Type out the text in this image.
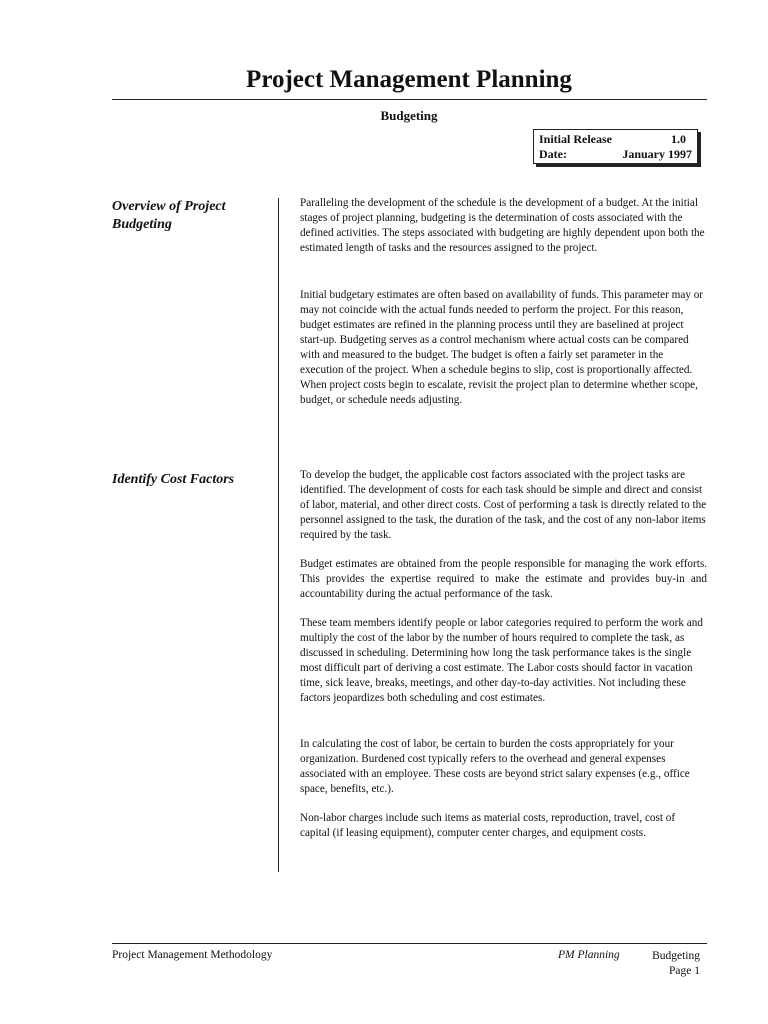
Project Management Planning
Budgeting
Initial Release	1.0
Date:	January 1997
Overview of Project Budgeting

Paralleling the development of the schedule is the development of a budget. At the initial stages of project planning, budgeting is the determination of costs associated with the defined activities. The steps associated with budgeting are highly dependent upon both the estimated length of tasks and the resources assigned to the project.

Initial budgetary estimates are often based on availability of funds. This parameter may or may not coincide with the actual funds needed to perform the project. For this reason, budget estimates are refined in the planning process until they are baselined at project start-up. Budgeting serves as a control mechanism where actual costs can be compared with and measured to the budget. The budget is often a fairly set parameter in the execution of the project. When a schedule begins to slip, cost is proportionally affected. When project costs begin to escalate, revisit the project plan to determine whether scope, budget, or schedule needs adjusting.

Identify Cost Factors	To develop the budget, the applicable cost factors associated with the project tasks are identified. The development of costs for each task should be simple and direct and consist of labor, material, and other direct costs. Cost of performing a task is directly related to the personnel assigned to the task, the duration of the task, and the cost of any non-labor items required by the task.

Budget estimates are obtained from the people responsible for managing the work efforts. This provides the expertise required to make the estimate and provides buy-in and accountability during the actual performance of the task.

These team members identify people or labor categories required to perform the work and multiply the cost of the labor by the number of hours required to complete the task, as discussed in scheduling. Determining how long the task performance takes is the single most difficult part of deriving a cost estimate. The Labor costs should factor in vacation time, sick leave, breaks, meetings, and other day-to-day activities. Not including these factors jeopardizes both scheduling and cost estimates.

In calculating the cost of labor, be certain to burden the costs appropriately for your organization. Burdened cost typically refers to the overhead and general expenses associated with an employee. These costs are beyond strict salary expenses (e.g., office space, benefits, etc.).

Non-labor charges include such items as material costs, reproduction, travel, cost of capital (if leasing equipment), computer center charges, and equipment costs.

Project Management Methodology	PM Planning	Budgeting
Page 1
